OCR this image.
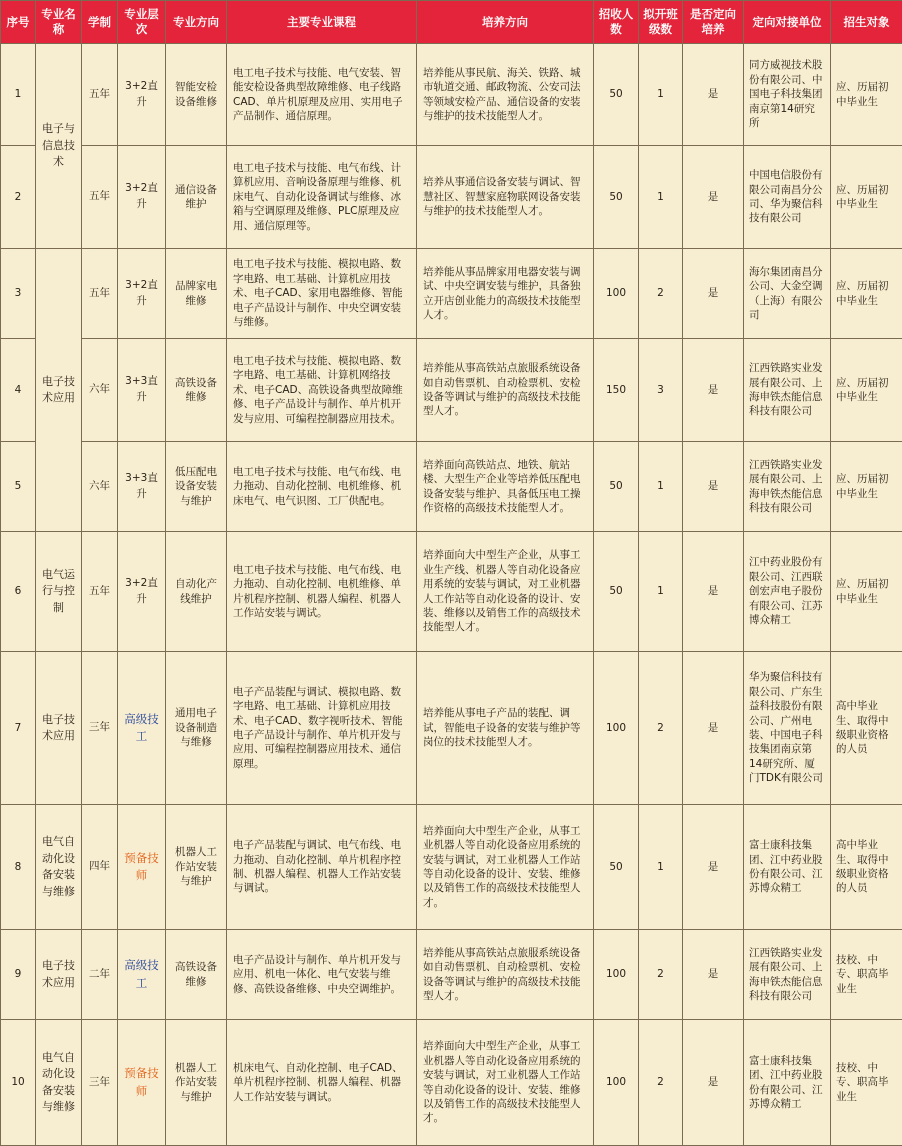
序号	专业名称	学制	专业层次	专业方向	主要专业课程	培养方向	招收人数	拟开班级数	是否定向培养	定向对接单位	招生对象
1	电子与信息技术	五年	3+2直升	智能安检设备维修	电工电子技术与技能、电气安装、智能安检设备典型故障维修、电子线路CAD、单片机原理及应用、实用电子产品制作、通信原理。	培养能从事民航、海关、铁路、城市轨道交通、邮政物流、公安司法等领域安检产品、通信设备的安装与维护的技术技能型人才。	50	1	是	同方威视技术股份有限公司、中国电子科技集团南京第14研究所	应、历届初中毕业生
2		五年	3+2直升	通信设备维护	电工电子技术与技能、电气布线、计算机应用、音响设备原理与维修、机床电气、自动化设备调试与维修、冰箱与空调原理及维修、PLC原理及应用、通信原理等。	培养从事通信设备安装与调试、智慧社区、智慧家庭物联网设备安装与维护的技术技能型人才。	50	1	是	中国电信股份有限公司南昌分公司、华为聚信科技有限公司	应、历届初中毕业生
3	电子技术应用	五年	3+2直升	品牌家电维修	电工电子技术与技能、模拟电路、数字电路、电工基础、计算机应用技术、电子CAD、家用电器维修、智能电子产品设计与制作、中央空调安装与维修。	培养能从事品牌家用电器安装与调试、中央空调安装与维护，具备独立开店创业能力的高级技术技能型人才。	100	2	是	海尔集团南昌分公司、大金空调（上海）有限公司	应、历届初中毕业生
4		六年	3+3直升	高铁设备维修	电工电子技术与技能、模拟电路、数字电路、电工基础、计算机网络技术、电子CAD、高铁设备典型故障维修、电子产品设计与制作、单片机开发与应用、可编程控制器应用技术。	培养能从事高铁站点旅服系统设备如自动售票机、自动检票机、安检设备等调试与维护的高级技术技能型人才。	150	3	是	江西铁路实业发展有限公司、上海申铁杰能信息科技有限公司	应、历届初中毕业生
5		六年	3+3直升	低压配电设备安装与维护	电工电子技术与技能、电气布线、电力拖动、自动化控制、电机维修、机床电气、电气识图、工厂供配电。	培养面向高铁站点、地铁、航站楼、大型生产企业等培养低压配电设备安装与维护、具备低压电工操作资格的高级技术技能型人才。	50	1	是	江西铁路实业发展有限公司、上海申铁杰能信息科技有限公司	应、历届初中毕业生
6	电气运行与控制	五年	3+2直升	自动化产线维护	电工电子技术与技能、电气布线、电力拖动、自动化控制、电机维修、单片机程序控制、机器人编程、机器人工作站安装与调试。	培养面向大中型生产企业，从事工业生产线、机器人等自动化设备应用系统的安装与调试，对工业机器人工作站等自动化设备的设计、安装、维修以及销售工作的高级技术技能型人才。	50	1	是	江中药业股份有限公司、江西联创宏声电子股份有限公司、江苏博众精工	应、历届初中毕业生
7	电子技术应用	三年	高级技工	通用电子设备制造与维修	电子产品装配与调试、模拟电路、数字电路、电工基础、计算机应用技术、电子CAD、数字视听技术、智能电子产品设计与制作、单片机开发与应用、可编程控制器应用技术、通信原理。	培养能从事电子产品的装配、调试，智能电子设备的安装与维护等岗位的技术技能型人才。	100	2	是	华为聚信科技有限公司、广东生益科技股份有限公司、广州电装、中国电子科技集团南京第14研究所、厦门TDK有限公司	高中毕业生、取得中级职业资格的人员
8	电气自动化设备安装与维修	四年	预备技师	机器人工作站安装与维护	电子产品装配与调试、电气布线、电力拖动、自动化控制、单片机程序控制、机器人编程、机器人工作站安装与调试。	培养面向大中型生产企业，从事工业机器人等自动化设备应用系统的安装与调试，对工业机器人工作站等自动化设备的设计、安装、维修以及销售工作的高级技术技能型人才。	50	1	是	富士康科技集团、江中药业股份有限公司、江苏博众精工	高中毕业生、取得中级职业资格的人员
9	电子技术应用	二年	高级技工	高铁设备维修	电子产品设计与制作、单片机开发与应用、机电一体化、电气安装与维修、高铁设备维修、中央空调维护。	培养能从事高铁站点旅服系统设备如自动售票机、自动检票机、安检设备等调试与维护的高级技术技能型人才。	100	2	是	江西铁路实业发展有限公司、上海申铁杰能信息科技有限公司	技校、中专、职高毕业生
10	电气自动化设备安装与维修	三年	预备技师	机器人工作站安装与维护	机床电气、自动化控制、电子CAD、单片机程序控制、机器人编程、机器人工作站安装与调试。	培养面向大中型生产企业，从事工业机器人等自动化设备应用系统的安装与调试，对工业机器人工作站等自动化设备的设计、安装、维修以及销售工作的高级技术技能型人才。	100	2	是	富士康科技集团、江中药业股份有限公司、江苏博众精工	技校、中专、职高毕业生
